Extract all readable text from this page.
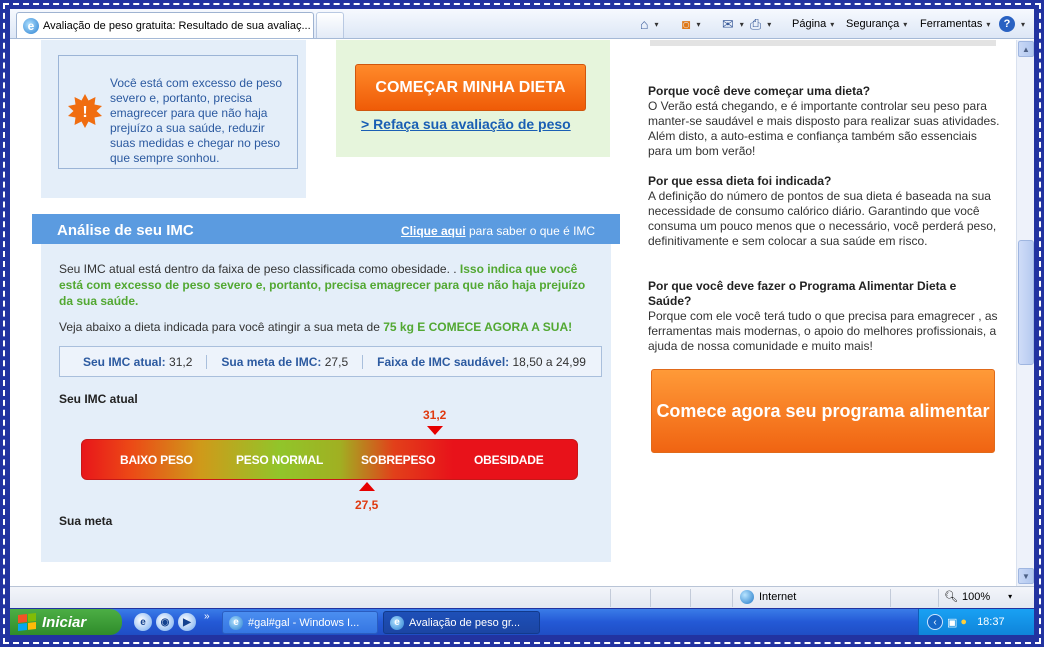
e Avaliação de peso gratuita: Resultado de sua avaliaç...	⌂ ▾ ◙ ▾ ✉ ▾ ⎙ ▾ Página ▾ Segurança ▾ Ferramentas ▾	?	▾
!
Você está com excesso de peso severo e, portanto, precisa emagrecer para que não haja prejuízo a sua saúde, reduzir suas medidas e chegar no peso que sempre sonhou.
COMEÇAR MINHA DIETA
> Refaça sua avaliação de peso
Análise de seu IMC	Clique aqui para saber o que é IMC
Seu IMC atual está dentro da faixa de peso classificada como obesidade. . Isso indica que você está com excesso de peso severo e, portanto, precisa emagrecer para que não haja prejuízo da sua saúde.
Veja abaixo a dieta indicada para você atingir a sua meta de 75 kg E COMECE AGORA A SUA!
Seu IMC atual: 31,2	Sua meta de IMC: 27,5	Faixa de IMC saudável: 18,50 a 24,99
Seu IMC atual
31,2
BAIXO PESO	PESO NORMAL	SOBREPESO	OBESIDADE
27,5
Sua meta
Porque você deve começar uma dieta?
O Verão está chegando, e é importante controlar seu peso para manter-se saudável e mais disposto para realizar suas atividades. Além disto, a auto-estima e confiança também são essenciais para um bom verão!
Por que essa dieta foi indicada?
A definição do número de pontos de sua dieta é baseada na sua necessidade de consumo calórico diário. Garantindo que você consuma um pouco menos que o necessário, você perderá peso, definitivamente e sem colocar a sua saúde em risco.
Por que você deve fazer o Programa Alimentar Dieta e Saúde?
Porque com ele você terá tudo o que precisa para emagrecer , as ferramentas mais modernas, o apoio do melhores profissionais, a ajuda de nossa comunidade e muito mais!
Comece agora seu programa alimentar
▲
▼
Internet	🔍︎ 100% ▾
Iniciar	e	◉	▶	»
e #gal#gal - Windows I...	e Avaliação de peso gr...	‹ ▣ ● 18:37
